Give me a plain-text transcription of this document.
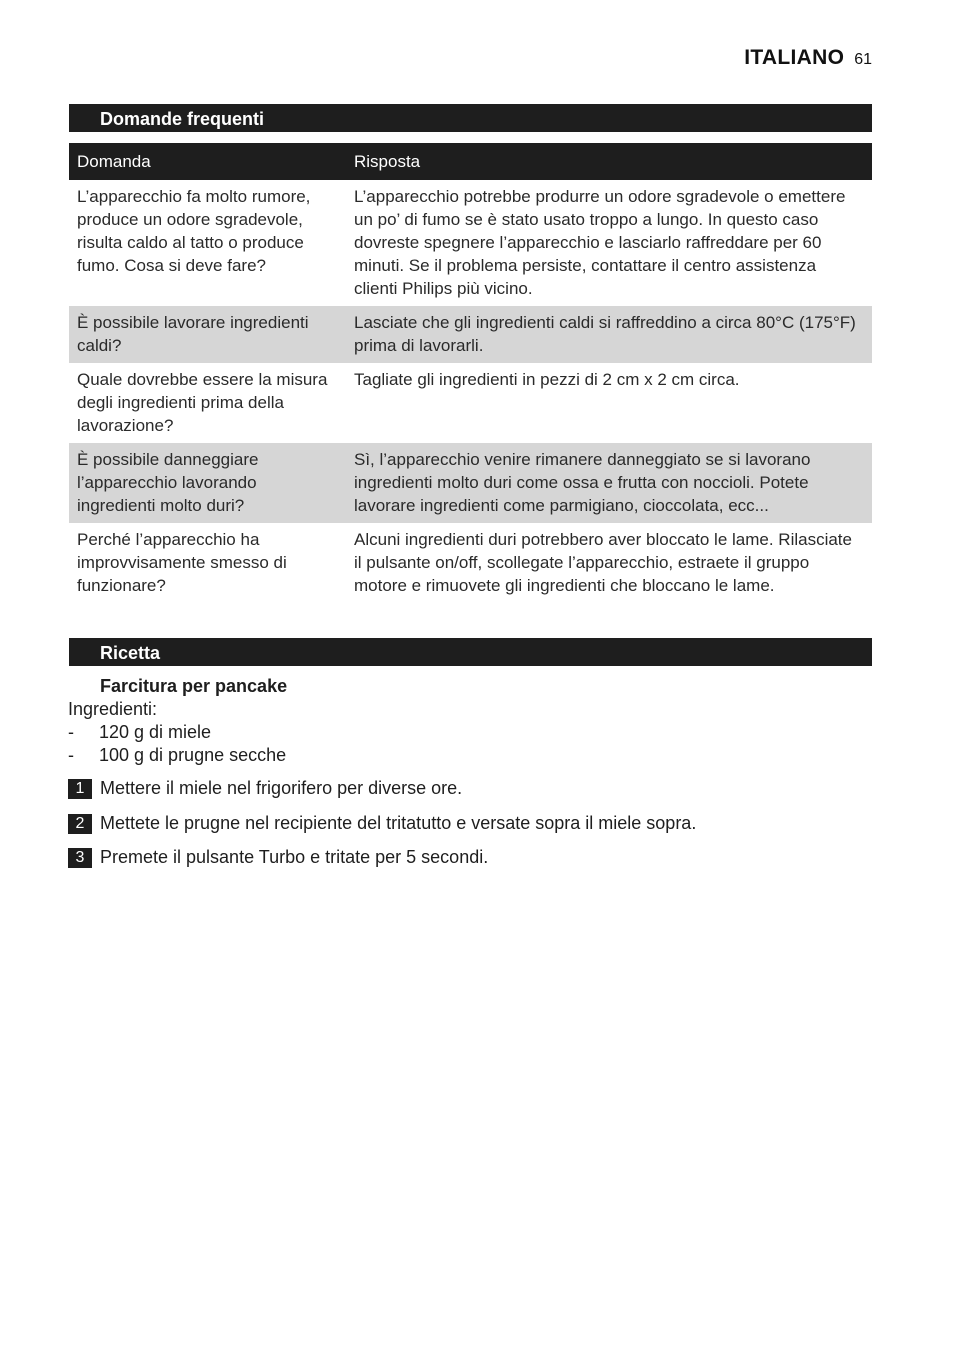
ITALIANO 61
Domande frequenti
Domanda	Risposta
L’apparecchio fa molto rumore, produce un odore sgradevole, risulta caldo al tatto o produce fumo. Cosa si deve fare?	L’apparecchio potrebbe produrre un odore sgradevole o emettere un po’ di fumo se è stato usato troppo a lungo. In questo caso dovreste spegnere l’apparecchio e lasciarlo raffreddare per 60 minuti. Se il problema persiste, contattare il centro assistenza clienti Philips più vicino.
È possibile lavorare ingredienti caldi?	Lasciate che gli ingredienti caldi si raffreddino a circa 80°C (175°F) prima di lavorarli.
Quale dovrebbe essere la misura degli ingredienti prima della lavorazione?	Tagliate gli ingredienti in pezzi di 2 cm x 2 cm circa.
È possibile danneggiare l’apparecchio lavorando ingredienti molto duri?	Sì, l’apparecchio venire rimanere danneggiato se si lavorano ingredienti molto duri come ossa e frutta con noccioli. Potete lavorare ingredienti come parmigiano, cioccolata, ecc...
Perché l’apparecchio ha improvvisamente smesso di funzionare?	Alcuni ingredienti duri potrebbero aver bloccato le lame. Rilasciate il pulsante on/off, scollegate l’apparecchio, estraete il gruppo motore e rimuovete gli ingredienti che bloccano le lame.
Ricetta
Farcitura per pancake
Ingredienti:
-	120 g di miele
-	100 g di prugne secche
1 Mettere il miele nel frigorifero per diverse ore.
2 Mettete le prugne nel recipiente del tritatutto e versate sopra il miele sopra.
3 Premete il pulsante Turbo e tritate per 5 secondi.
